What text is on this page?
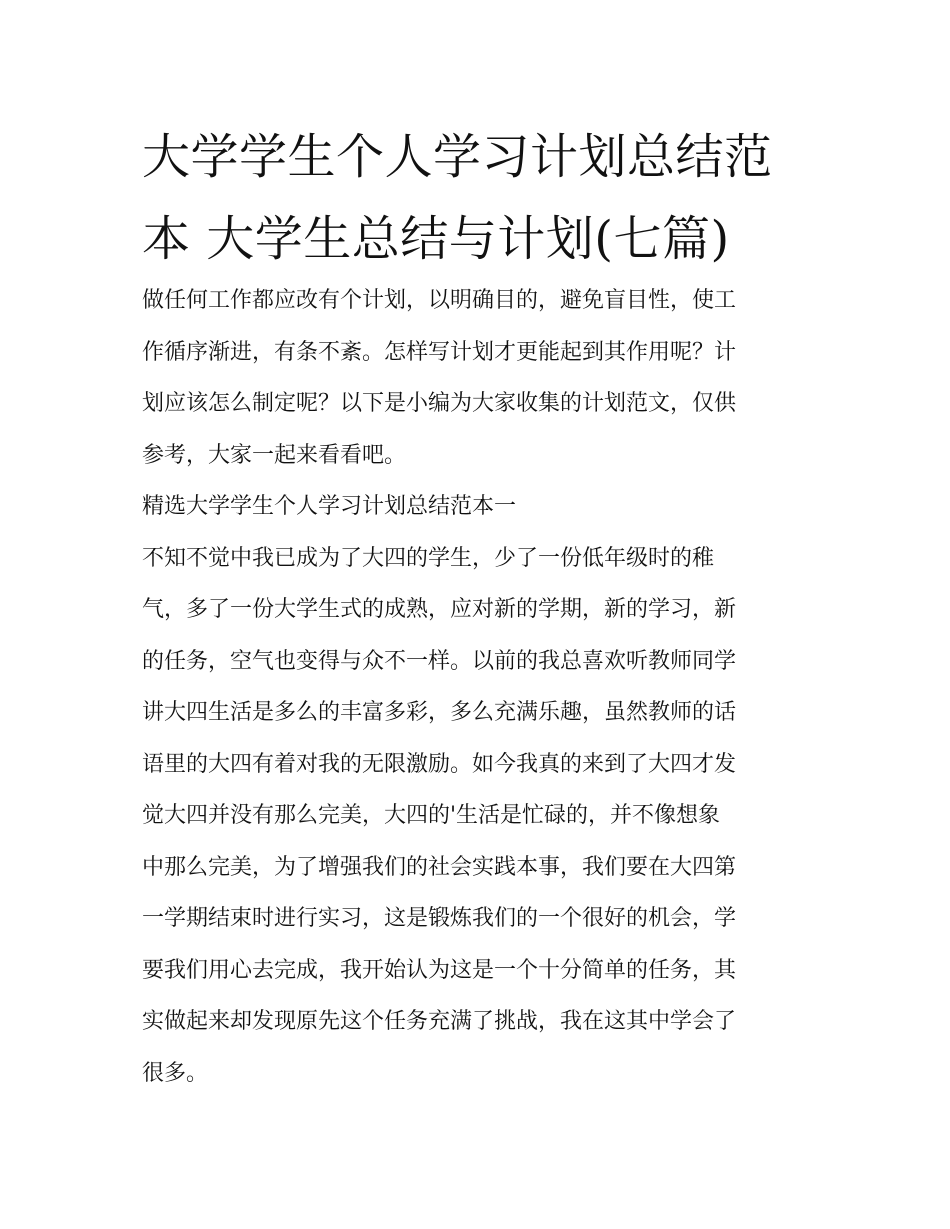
大学学生个人学习计划总结范
本 大学生总结与计划(七篇)

做任何工作都应改有个计划，以明确目的，避免盲目性，使工
作循序渐进，有条不紊。怎样写计划才更能起到其作用呢？计
划应该怎么制定呢？以下是小编为大家收集的计划范文，仅供
参考，大家一起来看看吧。

精选大学学生个人学习计划总结范本一

不知不觉中我已成为了大四的学生，少了一份低年级时的稚
气，多了一份大学生式的成熟，应对新的学期，新的学习，新
的任务，空气也变得与众不一样。以前的我总喜欢听教师同学
讲大四生活是多么的丰富多彩，多么充满乐趣，虽然教师的话
语里的大四有着对我的无限激励。如今我真的来到了大四才发
觉大四并没有那么完美，大四的'生活是忙碌的，并不像想象
中那么完美，为了增强我们的社会实践本事，我们要在大四第
一学期结束时进行实习，这是锻炼我们的一个很好的机会，学
要我们用心去完成，我开始认为这是一个十分简单的任务，其
实做起来却发现原先这个任务充满了挑战，我在这其中学会了
很多。
